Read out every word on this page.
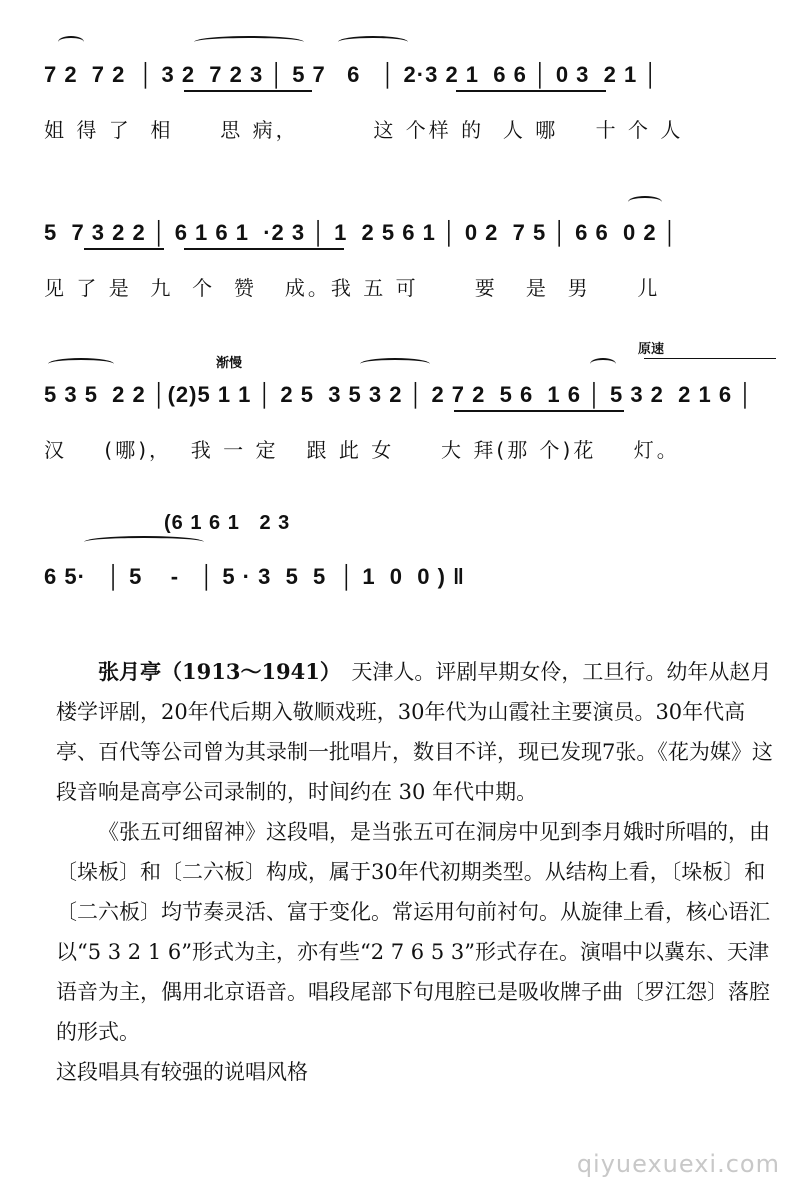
7 2  7 2  │ 3 2  7 2 3 │ 5 7   6   │ 2·3 2 1  6 6 │ 0 3  2 1 │
姐 得 了  相     思 病，        这 个样 的  人 哪    十 个 人
5  7 3 2 2 │ 6 1 6 1  ·2 3 │ 1  2 5 6 1 │ 0 2  7 5 │ 6 6  0 2 │
见 了 是  九  个  赞   成。我 五 可      要   是  男     儿
渐慢
原速
5 3 5  2 2 │(2)5 1 1 │ 2 5  3 5 3 2 │ 2 7 2  5 6  1 6 │ 5 3 2  2 1 6 │
汉    (哪)，  我 一 定   跟 此 女     大 拜(那 个)花    灯。
(6 1 6 1   2 3
6 5·   │ 5    -   │ 5 · 3  5  5  │ 1  0  0 ) ‖

张月亭（1913～1941）　 天津人。评剧早期女伶，工旦行。幼年从赵月楼学评剧，20年代后期入敬顺戏班，30年代为山霞社主要演员。30年代高亭、百代等公司曾为其录制一批唱片，数目不详，现已发现7张。《花为媒》这段音响是高亭公司录制的，时间约在 30 年代中期。

《张五可细留神》这段唱，是当张五可在洞房中见到李月娥时所唱的，由〔垛板〕和〔二六板〕构成，属于30年代初期类型。从结构上看，〔垛板〕和〔二六板〕均节奏灵活、富于变化。常运用句前衬句。从旋律上看，核心语汇以“5 3 2 1 6”形式为主，亦有些“2 7 6 5 3”形式存在。演唱中以冀东、天津语音为主，偶用北京语音。唱段尾部下句甩腔已是吸收牌子曲〔罗江怨〕落腔的形式。

这段唱具有较强的说唱风格

qiyuexuexi.com
